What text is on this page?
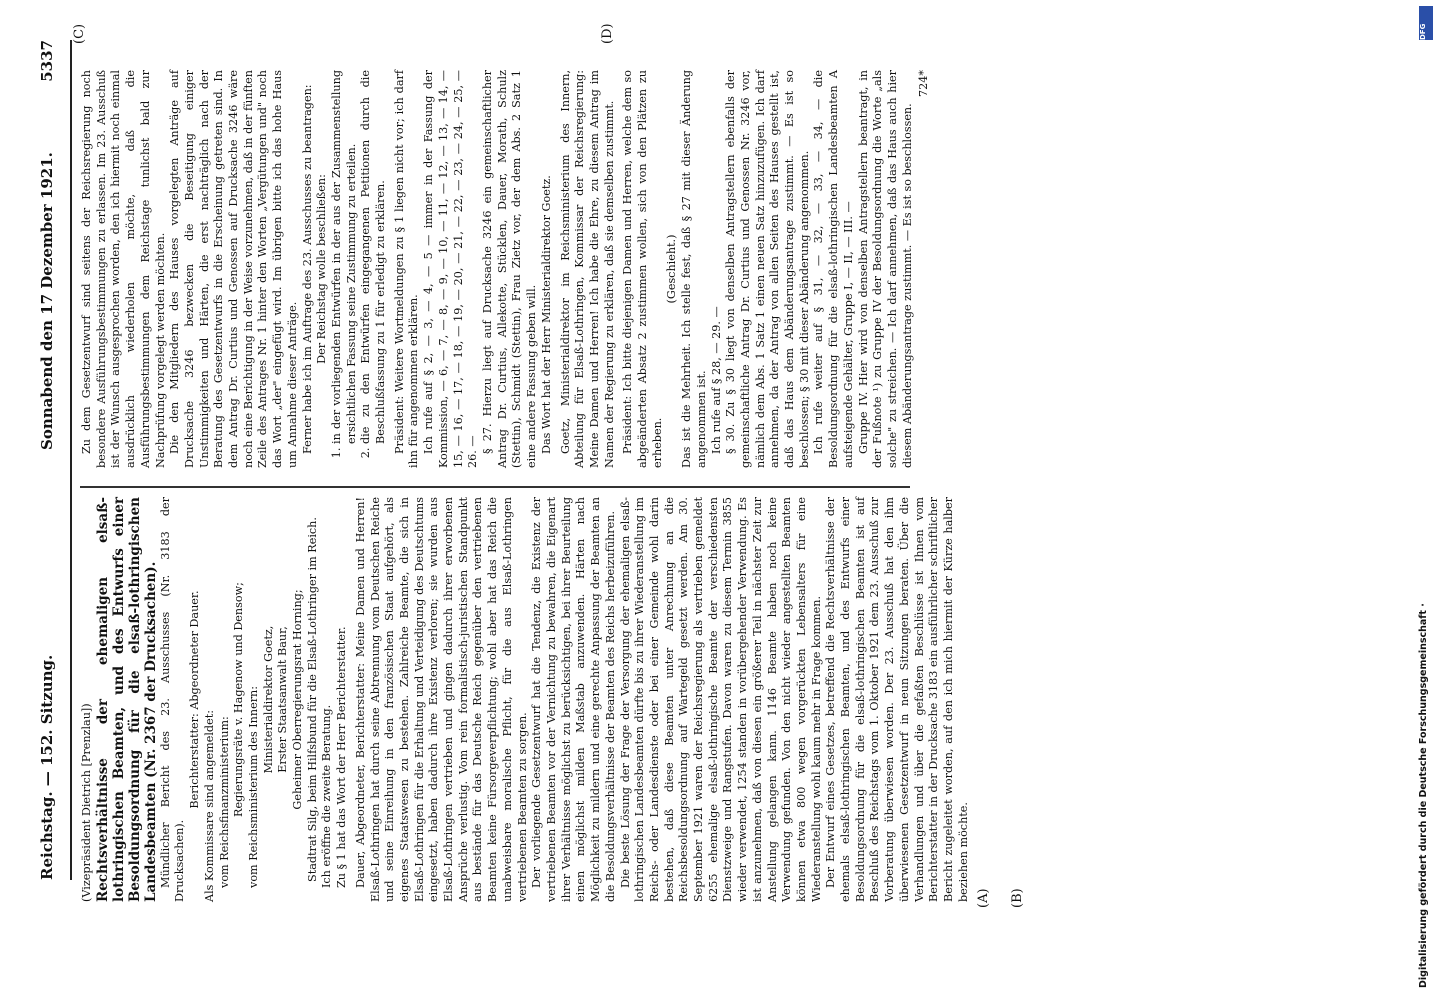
Reichstag. — 152. Sitzung.
Sonnabend den 17 Dezember 1921.
5337
(A) (B)
(C)	(D)

(Vizepräsident Dietrich [Prenzlau]) Rechtsverhältnisse der ehemaligen elsaß-lothringischen Beamten, und des Entwurfs einer Besoldungsordnung für die elsaß-lothringischen Landesbeamten (Nr. 2367 der Drucksachen). Mündlicher Bericht des 23. Ausschusses (Nr. 3183 der Drucksachen).

Berichterstatter: Abgeordneter Dauer. Als Kommissare sind angemeldet: vom Reichsfinanzministerium: Regierungsräte v. Hagenow und Densow; vom Reichsministerium des Innern: Ministerialdirektor Goetz, Erster Staatsanwalt Baur, Geheimer Oberregierungsrat Horning; Stadtrat Silg, beim Hilfsbund für die Elsaß-Lothringer im Reich. Ich eröffne die zweite Beratung. Zu § 1 hat das Wort der Herr Berichterstatter. Dauer, Abgeordneter, Berichterstatter: Meine Damen und Herren! Elsaß-Lothringen hat durch seine Abtrennung vom Deutschen Reiche und seine Einreihung in den französischen Staat aufgehört, als eigenes Staatswesen zu bestehen. Zahlreiche Beamte, die sich in Elsaß-Lothringen für die Erhaltung und Verteidigung des Deutschtums eingesetzt, haben dadurch ihre Existenz verloren; sie wurden aus Elsaß-Lothringen vertrieben und gingen dadurch ihrer erworbenen Ansprüche verlustig. Vom rein formalistisch-juristischen Standpunkt aus bestände für das Deutsche Reich gegenüber den vertriebenen Beamten keine Fürsorgeverpflichtung; wohl aber hat das Reich die unabweisbare moralische Pflicht, für die aus Elsaß-Lothringen vertriebenen Beamten zu sorgen. Der vorliegende Gesetzentwurf hat die Tendenz, die Existenz der vertriebenen Beamten vor der Vernichtung zu bewahren, die Eigenart ihrer Verhältnisse möglichst zu berücksichtigen, bei ihrer Beurteilung einen möglichst milden Maßstab anzuwenden. Härten nach Möglichkeit zu mildern und eine gerechte Anpassung der Beamten an die Besoldungsverhältnisse der Beamten des Reichs herbeizuführen. Die beste Lösung der Frage der Versorgung der ehemaligen elsaß-lothringischen Landesbeamten dürfte bis zu ihrer Wiederanstellung im Reichs- oder Landesdienste oder bei einer Gemeinde wohl darin bestehen, daß diese Beamten unter Anrechnung an die Reichsbesoldungsordnung auf Wartegeld gesetzt werden. Am 30. September 1921 waren der Reichsregierung als vertrieben gemeldet 6255 ehemalige elsaß-lothringische Beamte der verschiedensten Dienstzweige und Rangstufen. Davon waren zu diesem Termin 3855 wieder verwendet, 1254 standen in vorübergehender Verwendung. Es ist anzunehmen, daß von diesen ein größerer Teil in nächster Zeit zur Anstellung gelangen kann. 1146 Beamte haben noch keine Verwendung gefunden. Von den nicht wieder angestellten Beamten können etwa 800 wegen vorgerückten Lebensalters für eine Wiederanstellung wohl kaum mehr in Frage kommen. Der Entwurf eines Gesetzes, betreffend die Rechtsverhältnisse der ehemals elsaß-lothringischen Beamten, und des Entwurfs einer Besoldungsordnung für die elsaß-lothringischen Beamten ist auf Beschluß des Reichstags vom 1. Oktober 1921 dem 23. Ausschuß zur Vorberatung überwiesen worden. Der 23. Ausschuß hat den ihm überwiesenen Gesetzentwurf in neun Sitzungen beraten. Über die Verhandlungen und über die gefaßten Beschlüsse ist Ihnen vom Berichterstatter in der Drucksache 3183 ein ausführlicher schriftlicher Bericht zugeleitet worden, auf den ich mich hiermit der Kürze halber beziehen möchte.

Zu dem Gesetzentwurf sind seitens der Reichsregierung noch besondere Ausführungsbestimmungen zu erlassen. Im 23. Ausschuß ist der Wunsch ausgesprochen worden, den ich hiermit noch einmal ausdrücklich wiederholen möchte, daß die Ausführungsbestimmungen dem Reichstage tunlichst bald zur Nachprüfung vorgelegt werden möchten. Die den Mitgliedern des Hauses vorgelegten Anträge auf Drucksache 3246 bezwecken die Beseitigung einiger Unstimmigkeiten und Härten, die erst nachträglich nach der Beratung des Gesetzentwurfs in die Erscheinung getreten sind. In dem Antrag Dr. Curtius und Genossen auf Drucksache 3246 wäre noch eine Berichtigung in der Weise vorzunehmen, daß in der fünften Zeile des Antrages Nr. 1 hinter den Worten „Vergütungen und" noch das Wort „der" eingefügt wird. Im übrigen bitte ich das hohe Haus um Annahme dieser Anträge. Ferner habe ich im Auftrage des 23. Ausschusses zu beantragen: Der Reichstag wolle beschließen: 1. in der vorliegenden Entwürfen in der aus der Zusammenstellung ersichtlichen Fassung seine Zustimmung zu erteilen. 2. die zu den Entwürfen eingegangenen Petitionen durch die Beschlußfassung zu 1 für erledigt zu erklären. Präsident: Weitere Wortmeldungen zu § 1 liegen nicht vor; ich darf ihn für angenommen erklären. Ich rufe auf § 2, — 3, — 4, — 5 — immer in der Fassung der Kommission, — 6, — 7, — 8, — 9, — 10, — 11, — 12, — 13, — 14, — 15, — 16, — 17, — 18, — 19, — 20, — 21, — 22, — 23, — 24, — 25, — 26. — § 27. Hierzu liegt auf Drucksache 3246 ein gemeinschaftlicher Antrag Dr. Curtius, Allekotte, Stücklen, Dauer, Morath, Schulz (Stettin), Schmidt (Stettin), Frau Zietz vor, der dem Abs. 2 Satz 1 eine andere Fassung geben will. Das Wort hat der Herr Ministerialdirektor Goetz. Goetz, Ministerialdirektor im Reichsministerium des Innern, Abteilung für Elsaß-Lothringen, Kommissar der Reichsregierung: Meine Damen und Herren! Ich habe die Ehre, zu diesem Antrag im Namen der Regierung zu erklären, daß sie demselben zustimmt. Präsident: Ich bitte diejenigen Damen und Herren, welche dem so abgeänderten Absatz 2 zustimmen wollen, sich von den Plätzen zu erheben.

(Geschieht.) Das ist die Mehrheit. Ich stelle fest, daß § 27 mit dieser Änderung angenommen ist. Ich rufe auf § 28, — 29. — § 30. Zu § 30 liegt von denselben Antragstellern ebenfalls der gemeinschaftliche Antrag Dr. Curtius und Genossen Nr. 3246 vor, nämlich dem Abs. 1 Satz 1 einen neuen Satz hinzuzufügen. Ich darf annehmen, da der Antrag von allen Seiten des Hauses gestellt ist, daß das Haus dem Abänderungsantrage zustimmt. — Es ist so beschlossen; § 30 mit dieser Abänderung angenommen. Ich rufe weiter auf § 31, — 32, — 33, — 34, — die Besoldungsordnung für die elsaß-lothringischen Landesbeamten A aufsteigende Gehälter, Gruppe I, — II, — III. — Gruppe IV. Hier wird von denselben Antragstellern beantragt, in der Fußnote ¹) zu Gruppe IV der Besoldungsordnung die Worte „als solche" zu streichen. — Ich darf annehmen, daß das Haus auch hier diesem Abänderungsantrage zustimmt. — Es ist so beschlossen.

724*

DFG
Digitalisierung gefördert durch die Deutsche Forschungsgemeinschaft ·
